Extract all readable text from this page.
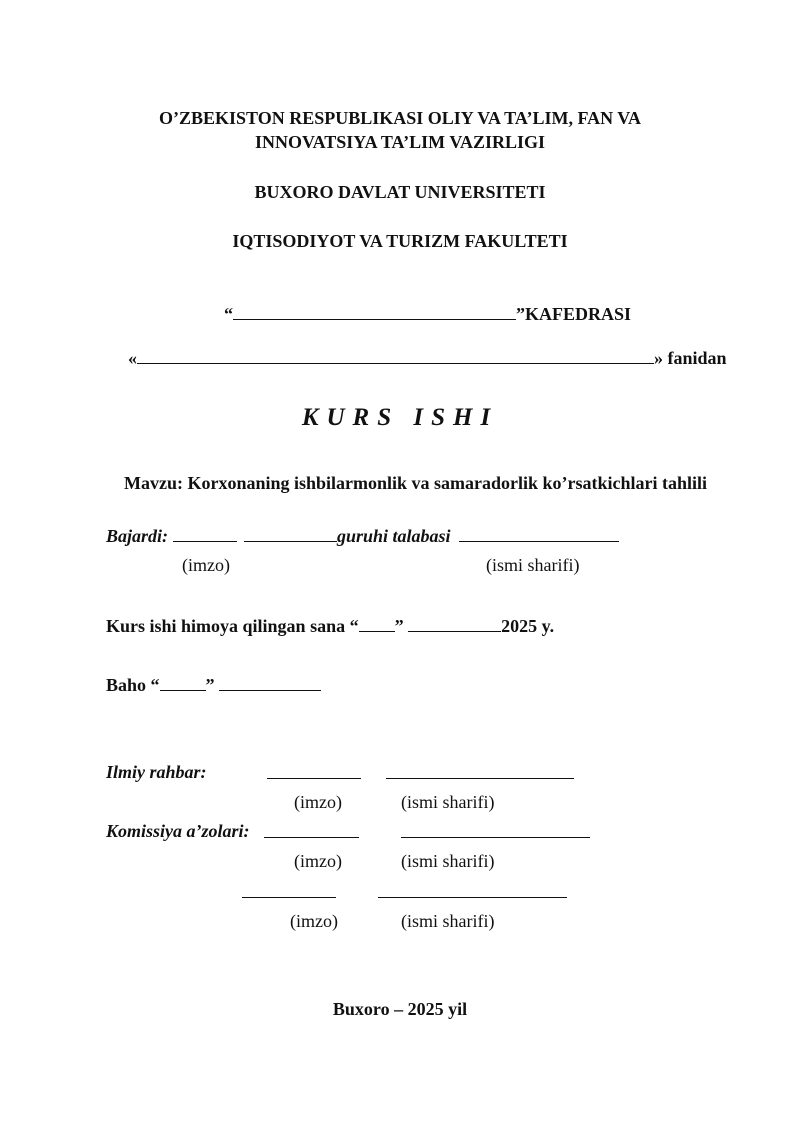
O’ZBEKISTON RESPUBLIKASI OLIY VA TA’LIM, FAN VA
INNOVATSIYA TA’LIM VAZIRLIGI
BUXORO DAVLAT UNIVERSITETI
IQTISODIYOT VA TURIZM FAKULTETI
“	”KAFEDRASI
«	» fanidan
KURS ISHI
Mavzu: Korxonaning ishbilarmonlik va samaradorlik ko’rsatkichlari tahlili
Bajardi:	guruhi talabasi
(imzo)	(ismi sharifi)
Kurs ishi himoya qilingan sana “ ”	2025 y.
Baho “	”
Ilmiy rahbar:
(imzo)	(ismi sharifi)
Komissiya a’zolari:
(imzo)	(ismi sharifi)
(imzo)	(ismi sharifi)
Buxoro – 2025 yil
